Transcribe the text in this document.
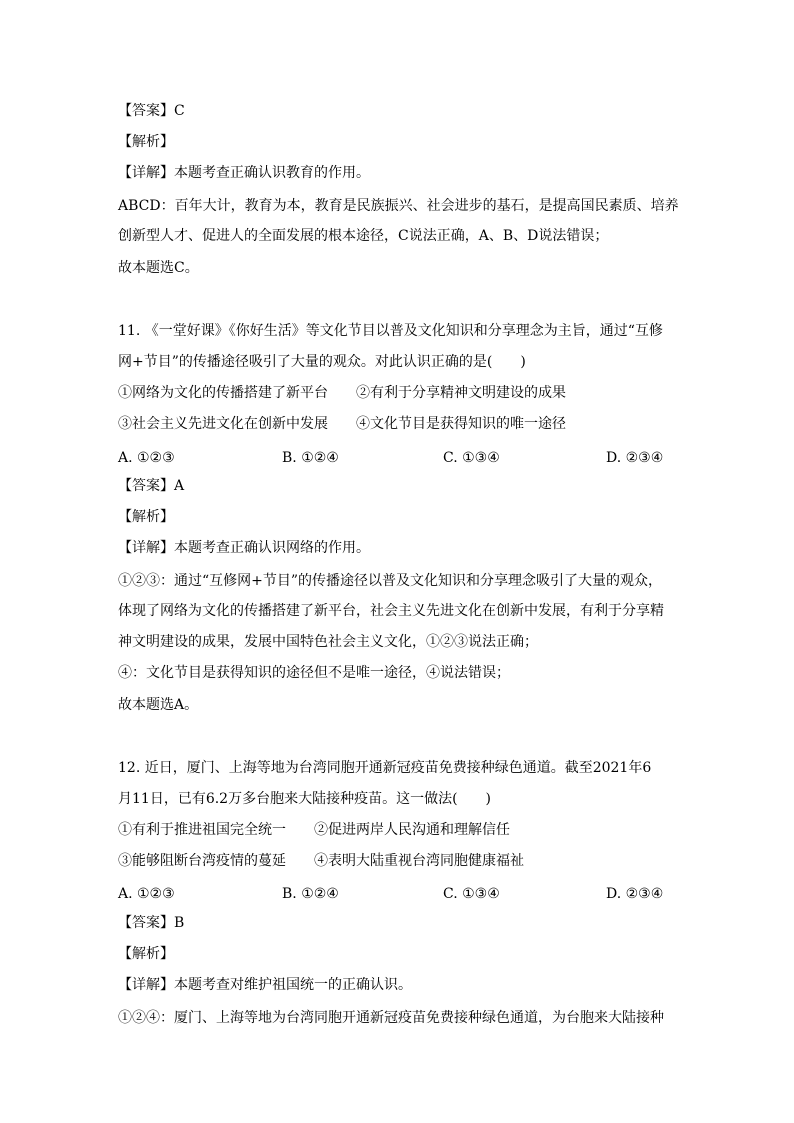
【答案】C
【解析】
【详解】本题考查正确认识教育的作用。
ABCD：百年大计，教育为本，教育是民族振兴、社会进步的基石，是提高国民素质、培养
创新型人才、促进人的全面发展的根本途径，C说法正确，A、B、D说法错误；
故本题选C。
11. 《一堂好课》《你好生活》等文化节目以普及文化知识和分享理念为主旨，通过“互修
网+节目”的传播途径吸引了大量的观众。对此认识正确的是(　　)
①网络为文化的传播搭建了新平台　　②有利于分享精神文明建设的成果
③社会主义先进文化在创新中发展　　④文化节目是获得知识的唯一途径
A. ①②③	B. ①②④	C. ①③④	D. ②③④
【答案】A
【解析】
【详解】本题考查正确认识网络的作用。
①②③：通过“互修网+节目”的传播途径以普及文化知识和分享理念吸引了大量的观众，
体现了网络为文化的传播搭建了新平台，社会主义先进文化在创新中发展，有利于分享精
神文明建设的成果，发展中国特色社会主义文化，①②③说法正确；
④：文化节目是获得知识的途径但不是唯一途径，④说法错误；
故本题选A。
12. 近日，厦门、上海等地为台湾同胞开通新冠疫苗免费接种绿色通道。截至2021年6
月11日，已有6.2万多台胞来大陆接种疫苗。这一做法(　　)
①有利于推进祖国完全统一　　②促进两岸人民沟通和理解信任
③能够阻断台湾疫情的蔓延　　④表明大陆重视台湾同胞健康福祉
A. ①②③	B. ①②④	C. ①③④	D. ②③④
【答案】B
【解析】
【详解】本题考查对维护祖国统一的正确认识。
①②④：厦门、上海等地为台湾同胞开通新冠疫苗免费接种绿色通道，为台胞来大陆接种
